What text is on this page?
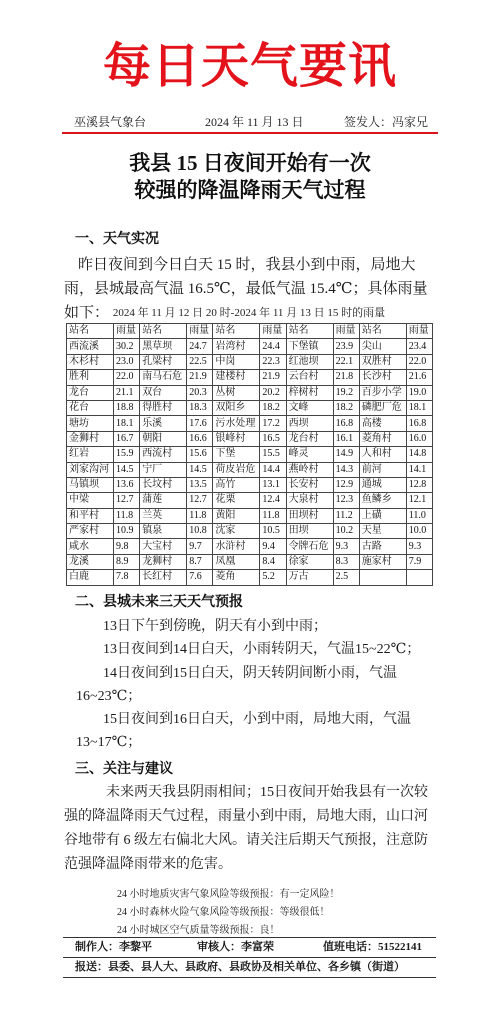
每日天气要讯
巫溪县气象台	2024 年 11 月 13 日	签发人：冯家兄
我县 15 日夜间开始有一次
较强的降温降雨天气过程
一、天气实况
昨日夜间到今日白天 15 时，我县小到中雨，局地大雨，县城最高气温 16.5℃，最低气温 15.4℃；具体雨量如下： 2024 年 11 月 12 日 20 时-2024 年 11 月 13 日 15 时的雨量
站名	雨量	站名	雨量	站名	雨量	站名	雨量	站名	雨量
西流溪	30.2	黑草坝	24.7	岩湾村	24.4	下堡镇	23.9	尖山	23.4
木杉村	23.0	孔梁村	22.5	中岗	22.3	红池坝	22.1	双胜村	22.0
胜利	22.0	南马石危	21.9	建楼村	21.9	云台村	21.8	长沙村	21.6
龙台	21.1	双台	20.3	丛树	20.2	梓树村	19.2	百步小学	19.0
花台	18.8	得胜村	18.3	双阳乡	18.2	文峰	18.2	磷肥厂危	18.1
塘坊	18.1	乐溪	17.6	污水处理	17.2	西坝	16.8	高楼	16.8
金狮村	16.7	朝阳	16.6	银峰村	16.5	龙台村	16.1	菱角村	16.0
红岩	15.9	西流村	15.6	下堡	15.5	峰灵	14.9	人和村	14.8
刘家沟河	14.5	宁厂	14.5	荷皮岩危	14.4	燕岭村	14.3	前河	14.1
马镇坝	13.6	长坟村	13.5	高竹	13.1	长安村	12.9	通城	12.8
中梁	12.7	蒲莲	12.7	花栗	12.4	大泉村	12.3	鱼鳞乡	12.1
和平村	11.8	兰英	11.8	黄阳	11.8	田坝村	11.2	上磺	11.0
严家村	10.9	镇泉	10.8	沈家	10.5	田坝	10.2	天星	10.0
咸水	9.8	大宝村	9.7	水浒村	9.4	令牌石危	9.3	古路	9.3
龙溪	8.9	龙狮村	8.7	凤凰	8.4	徐家	8.3	施家村	7.9
白鹿	7.8	长红村	7.6	菱角	5.2	万古	2.5		
二、县城未来三天天气预报
13日下午到傍晚，阴天有小到中雨；
13日夜间到14日白天，小雨转阴天，气温15~22℃；
14日夜间到15日白天，阴天转阴间断小雨，气温16~23℃；
15日夜间到16日白天，小到中雨，局地大雨，气温13~17℃；
三、关注与建议
未来两天我县阴雨相间；15日夜间开始我县有一次较强的降温降雨天气过程，雨量小到中雨，局地大雨，山口河谷地带有 6 级左右偏北大风。请关注后期天气预报，注意防范强降温降雨带来的危害。
24 小时地质灾害气象风险等级预报：有一定风险！
24 小时森林火险气象风险等级预报：等级很低！
24 小时城区空气质量等级预报：良！
制作人：李黎平	审核人：李富荣	值班电话：51522141
报送：县委、县人大、县政府、县政协及相关单位、各乡镇（街道）
